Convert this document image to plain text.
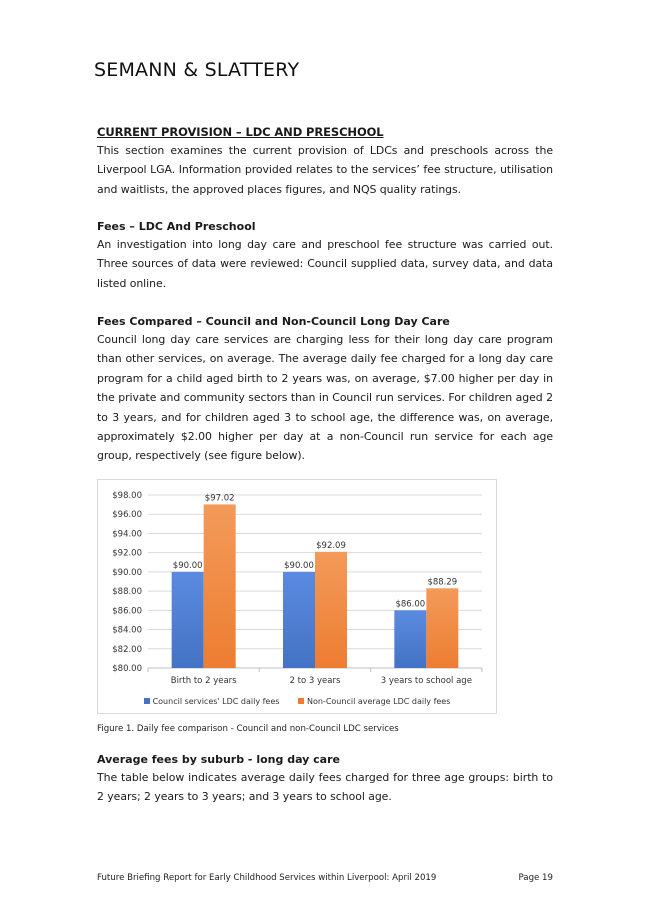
SEMANN & SLATTERY
CURRENT PROVISION – LDC AND PRESCHOOL

This section examines the current provision of LDCs and preschools across the Liverpool LGA. Information provided relates to the services’ fee structure, utilisation and waitlists, the approved places figures, and NQS quality ratings.

Fees – LDC And Preschool

An investigation into long day care and preschool fee structure was carried out. Three sources of data were reviewed: Council supplied data, survey data, and data listed online.

Fees Compared – Council and Non-Council Long Day Care

Council long day care services are charging less for their long day care program than other services, on average. The average daily fee charged for a long day care program for a child aged birth to 2 years was, on average, $7.00 higher per day in the private and community sectors than in Council run services. For children aged 2 to 3 years, and for children aged 3 to school age, the difference was, on average, approximately $2.00 higher per day at a non-Council run service for each age group, respectively (see figure below).

$80.00
$82.00
$84.00
$86.00
$88.00
$90.00
$92.00
$94.00
$96.00
$98.00
$90.00
$97.02
Birth to 2 years
$90.00
$92.09
2 to 3 years
$86.00
$88.29
3 years to school age
Council services' LDC daily fees	Non-Council average LDC daily fees
Figure 1. Daily fee comparison - Council and non-Council LDC services
Average fees by suburb - long day care

The table below indicates average daily fees charged for three age groups: birth to 2 years; 2 years to 3 years; and 3 years to school age.

Future Briefing Report for Early Childhood Services within Liverpool: April 2019	Page 19
